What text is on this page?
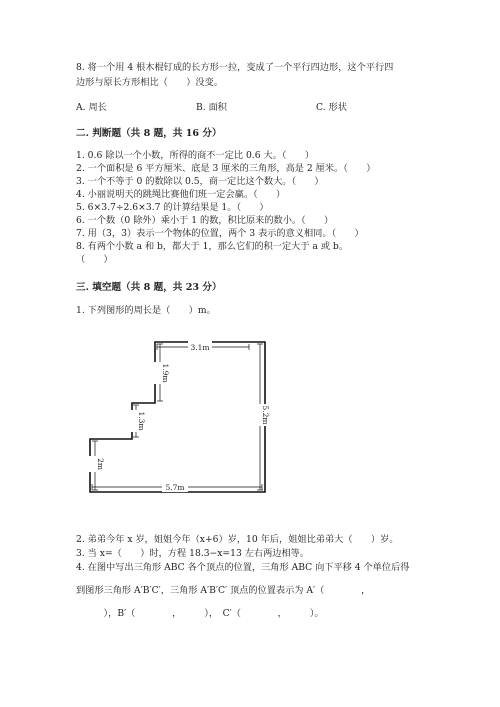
8. 将一个用 4 根木棍钉成的长方形一拉，变成了一个平行四边形，这个平行四
边形与原长方形相比（　　）没变。
A. 周长	B. 面积	C. 形状
二. 判断题（共 8 题，共 16 分）
1. 0.6 除以一个小数，所得的商不一定比 0.6 大。（　　）
2. 一个面积是 6 平方厘米、底是 3 厘米的三角形，高是 2 厘米。（　　）
3. 一个不等于 0 的数除以 0.5，商一定比这个数大。（　　）
4. 小丽说明天的跳绳比赛他们班一定会赢。（　　）
5. 6×3.7÷2.6×3.7 的计算结果是 1。（　　）
6. 一个数（0 除外）乘小于 1 的数，积比原来的数小。（　　）
7. 用（3，3）表示一个物体的位置，两个 3 表示的意义相同。（　　）
8. 有两个小数 a 和 b，都大于 1，那么它们的积一定大于 a 或 b。
（　　）
三. 填空题（共 8 题，共 23 分）
1. 下列图形的周长是（　　）m。
3.1m
5.2m
5.7m
1.9m
1.3m
2m
2. 弟弟今年 x 岁，姐姐今年（x+6）岁，10 年后，姐姐比弟弟大（　　）岁。
3. 当 x=（　　）时，方程 18.3−x=13 左右两边相等。
4. 在图中写出三角形 ABC 各个顶点的位置，三角形 ABC 向下平移 4 个单位后得
到图形三角形 A′B′C′，三角形 A′B′C′ 顶点的位置表示为 A′（　　　　，
　　　），B′（　　　　，　　　），　C′（　　　　，　　　）。
